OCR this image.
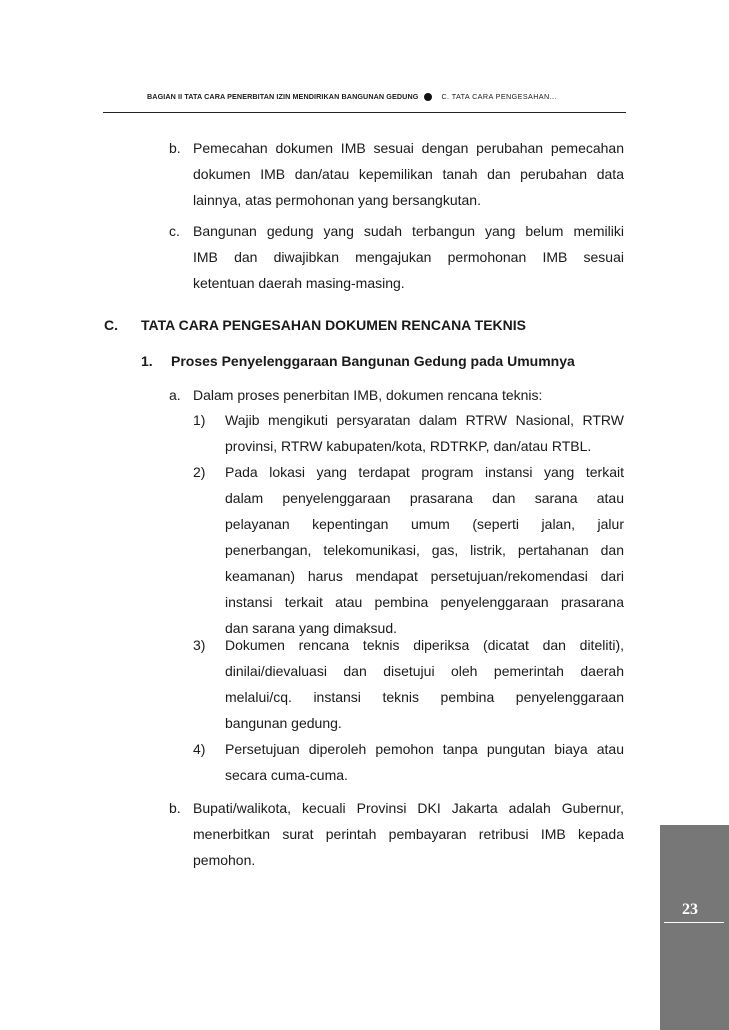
BAGIAN II TATA CARA PENERBITAN IZIN MENDIRIKAN BANGUNAN GEDUNG	C. TATA CARA PENGESAHAN...
b. Pemecahan dokumen IMB sesuai dengan perubahan pemecahan
dokumen IMB dan/atau kepemilikan tanah dan perubahan data
lainnya, atas permohonan yang bersangkutan.
c. Bangunan gedung yang sudah terbangun yang belum memiliki
IMB dan diwajibkan mengajukan permohonan IMB sesuai
ketentuan daerah masing-masing.
C. TATA CARA PENGESAHAN DOKUMEN RENCANA TEKNIS
1. Proses Penyelenggaraan Bangunan Gedung pada Umumnya
a. Dalam proses penerbitan IMB, dokumen rencana teknis:
1) Wajib mengikuti persyaratan dalam RTRW Nasional, RTRW
provinsi, RTRW kabupaten/kota, RDTRKP, dan/atau RTBL.
2) Pada lokasi yang terdapat program instansi yang terkait
dalam penyelenggaraan prasarana dan sarana atau
pelayanan kepentingan umum (seperti jalan, jalur
penerbangan, telekomunikasi, gas, listrik, pertahanan dan
keamanan) harus mendapat persetujuan/rekomendasi dari
instansi terkait atau pembina penyelenggaraan prasarana
dan sarana yang dimaksud.
3) Dokumen rencana teknis diperiksa (dicatat dan diteliti),
dinilai/dievaluasi dan disetujui oleh pemerintah daerah
melalui/cq. instansi teknis pembina penyelenggaraan
bangunan gedung.
4) Persetujuan diperoleh pemohon tanpa pungutan biaya atau
secara cuma-cuma.
b. Bupati/walikota, kecuali Provinsi DKI Jakarta adalah Gubernur,
menerbitkan surat perintah pembayaran retribusi IMB kepada
pemohon.
23
